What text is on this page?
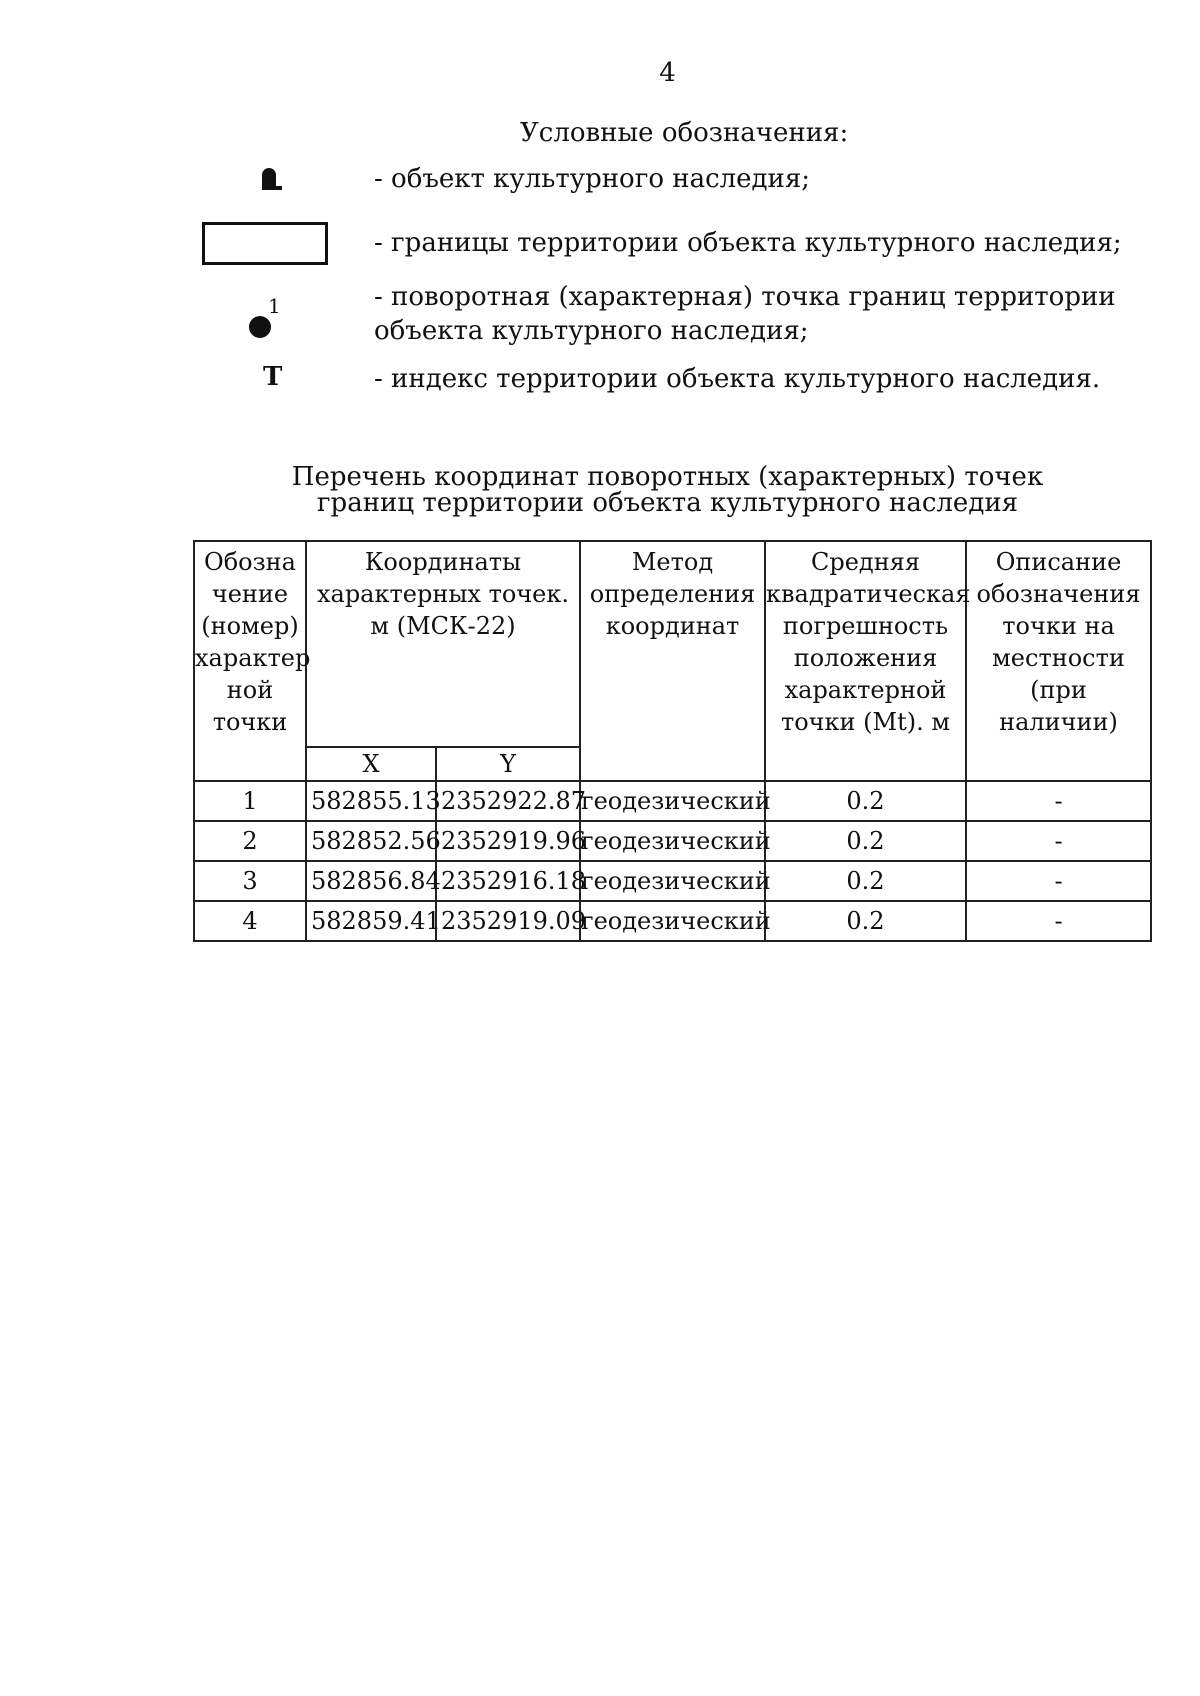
4
Условные обозначения:
- объект культурного наследия;
- границы территории объекта культурного наследия;
1	- поворотная (характерная) точка границ территории объекта культурного наследия;
Т	- индекс территории объекта культурного наследия.
Перечень координат поворотных (характерных) точек
границ территории объекта культурного наследия
Обозна чение (номер) характер ной точки	Координаты характерных точек. м (МСК-22)		Метод определения координат	Средняя квадратическая погрешность положения характерной точки (Mt). м	Описание обозначения точки на местности (при наличии)
	X	Y			
1	582855.13	2352922.87	геодезический	0.2	-
2	582852.56	2352919.96	геодезический	0.2	-
3	582856.84	2352916.18	геодезический	0.2	-
4	582859.41	2352919.09	геодезический	0.2	-
